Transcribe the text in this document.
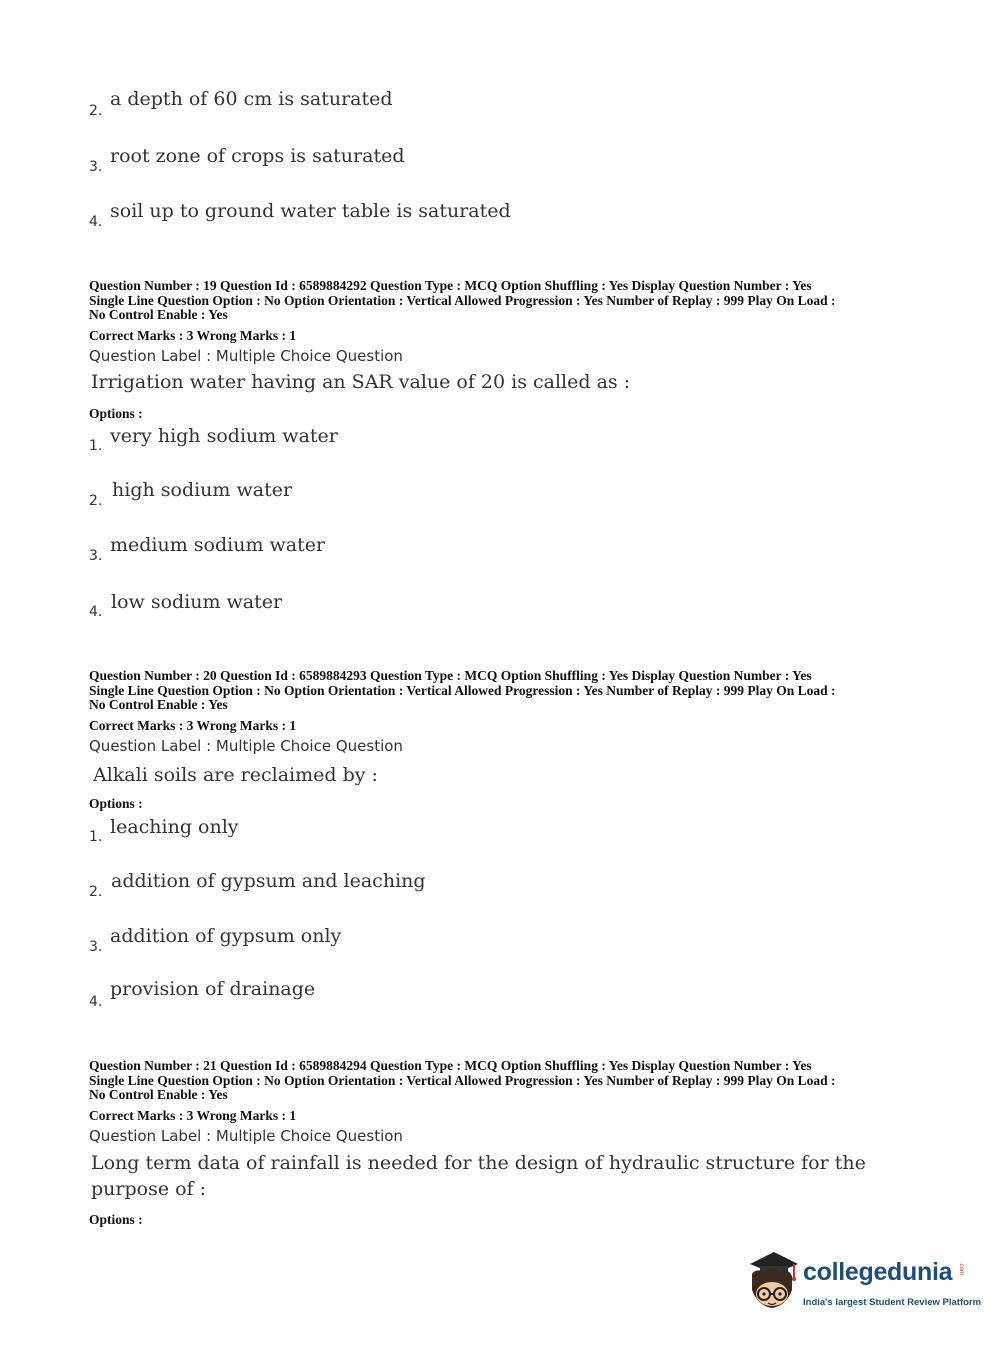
2.
a depth of 60 cm is saturated
3. root zone of crops is saturated
4. soil up to ground water table is saturated
Question Number : 19 Question Id : 6589884292 Question Type : MCQ Option Shuffling : Yes Display Question Number : Yes
Single Line Question Option : No Option Orientation : Vertical Allowed Progression : Yes Number of Replay : 999 Play On Load :
No Control Enable : Yes
Correct Marks : 3 Wrong Marks : 1
Question Label : Multiple Choice Question
Irrigation water having an SAR value of 20 is called as :
Options :
1. very high sodium water
2. high sodium water
3. medium sodium water
4. low sodium water
Question Number : 20 Question Id : 6589884293 Question Type : MCQ Option Shuffling : Yes Display Question Number : Yes
Single Line Question Option : No Option Orientation : Vertical Allowed Progression : Yes Number of Replay : 999 Play On Load :
No Control Enable : Yes
Correct Marks : 3 Wrong Marks : 1
Question Label : Multiple Choice Question
Alkali soils are reclaimed by :
Options :
1. leaching only
2. addition of gypsum and leaching
3. addition of gypsum only
4.
provision of drainage
Question Number : 21 Question Id : 6589884294 Question Type : MCQ Option Shuffling : Yes Display Question Number : Yes
Single Line Question Option : No Option Orientation : Vertical Allowed Progression : Yes Number of Replay : 999 Play On Load :
No Control Enable : Yes
Correct Marks : 3 Wrong Marks : 1
Question Label : Multiple Choice Question
Long term data of rainfall is needed for the design of hydraulic structure for the
purpose of :
Options :
collegedunia .com
India's largest Student Review Platform
